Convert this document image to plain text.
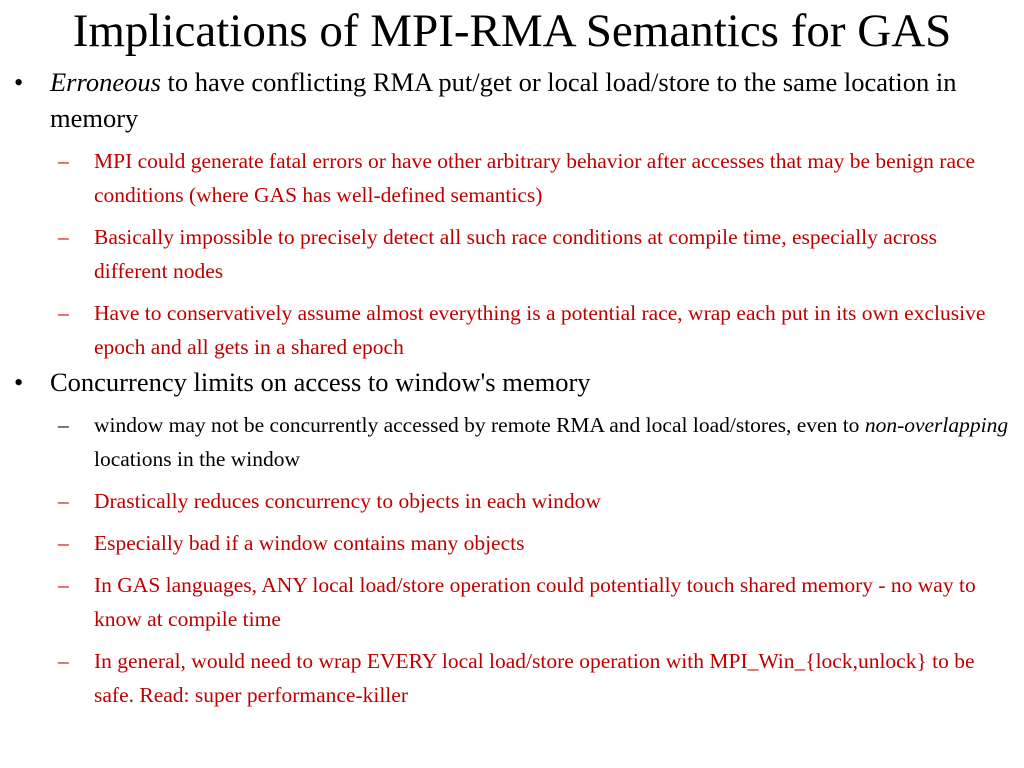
Implications of MPI-RMA Semantics for GAS
• Erroneous to have conflicting RMA put/get or local load/store to the same location in memory
– MPI could generate fatal errors or have other arbitrary behavior after accesses that may be benign race conditions (where GAS has well-defined semantics)
– Basically impossible to precisely detect all such race conditions at compile time, especially across different nodes
– Have to conservatively assume almost everything is a potential race, wrap each put in its own exclusive epoch and all gets in a shared epoch
• Concurrency limits on access to window's memory
– window may not be concurrently accessed by remote RMA and local load/stores, even to non-overlapping locations in the window
– Drastically reduces concurrency to objects in each window
– Especially bad if a window contains many objects
– In GAS languages, ANY local load/store operation could potentially touch shared memory - no way to know at compile time
– In general, would need to wrap EVERY local load/store operation with MPI_Win_{lock,unlock} to be safe. Read: super performance-killer
